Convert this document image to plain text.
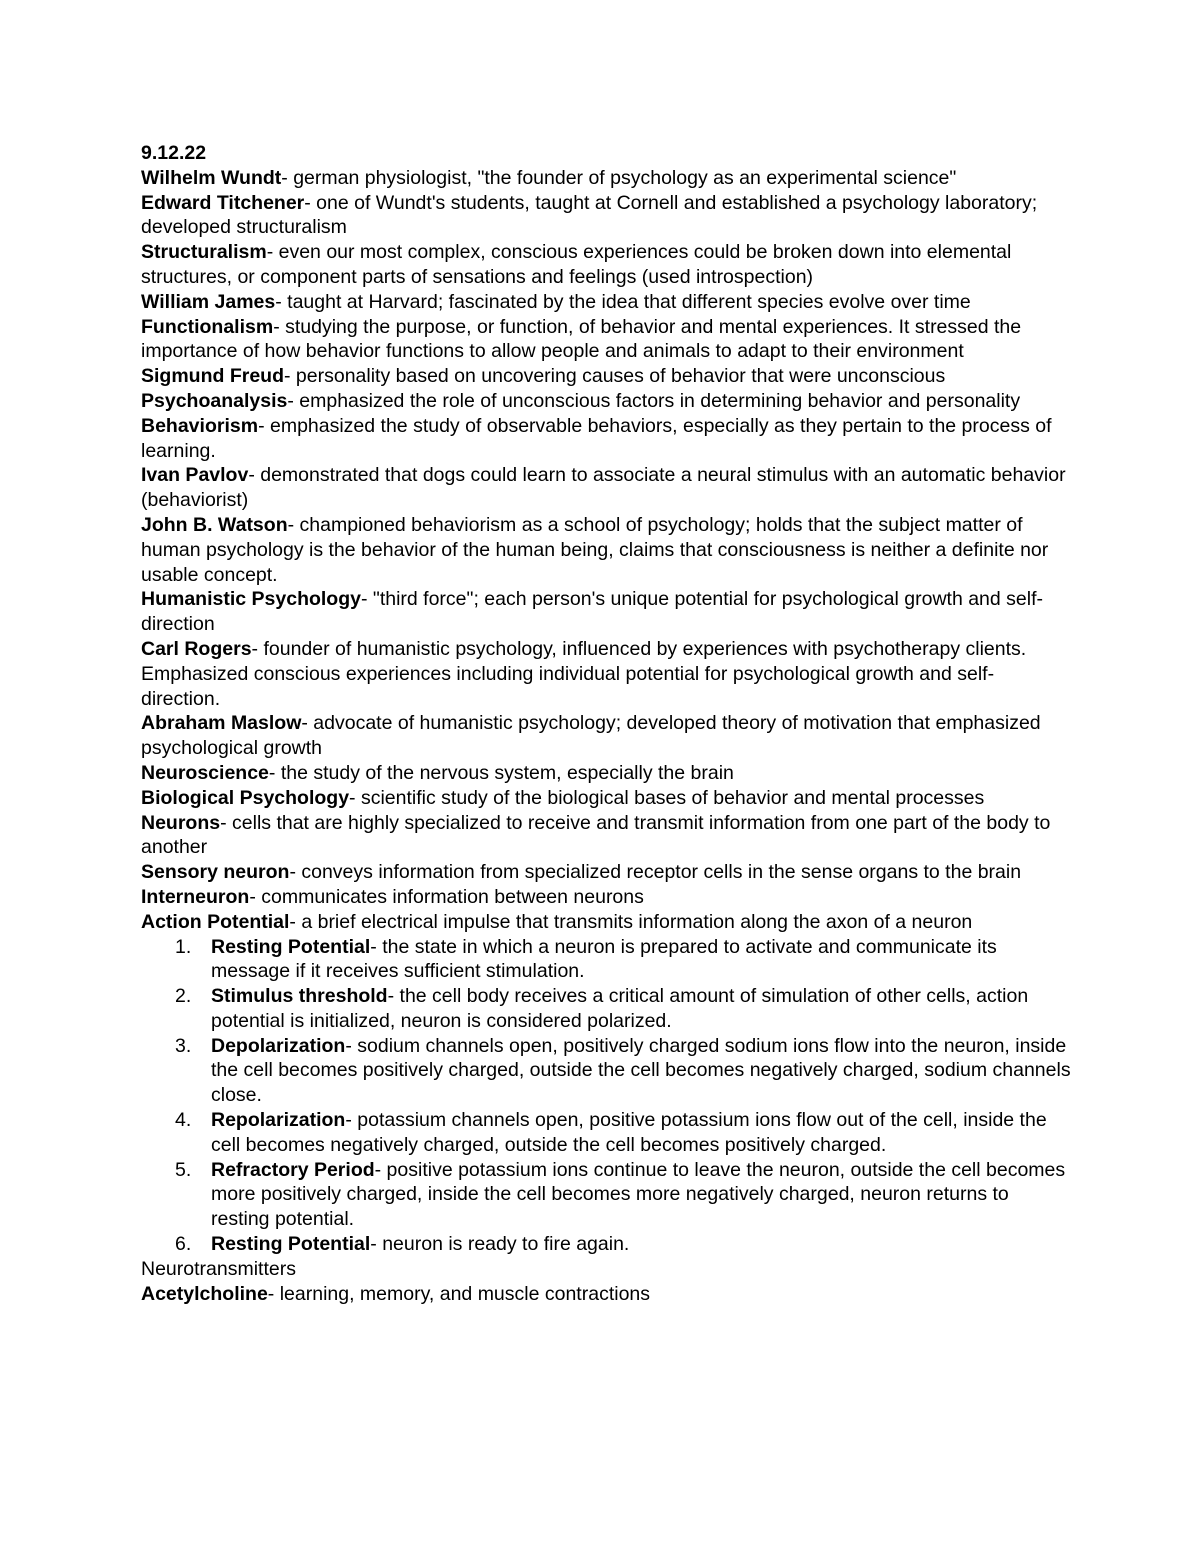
9.12.22

Wilhelm Wundt- german physiologist, "the founder of psychology as an experimental science"

Edward Titchener- one of Wundt's students, taught at Cornell and established a psychology laboratory; developed structuralism

Structuralism- even our most complex, conscious experiences could be broken down into elemental structures, or component parts of sensations and feelings (used introspection)

William James- taught at Harvard; fascinated by the idea that different species evolve over time

Functionalism- studying the purpose, or function, of behavior and mental experiences. It stressed the importance of how behavior functions to allow people and animals to adapt to their environment

Sigmund Freud- personality based on uncovering causes of behavior that were unconscious

Psychoanalysis- emphasized the role of unconscious factors in determining behavior and personality

Behaviorism- emphasized the study of observable behaviors, especially as they pertain to the process of learning.

Ivan Pavlov- demonstrated that dogs could learn to associate a neural stimulus with an automatic behavior (behaviorist)

John B. Watson- championed behaviorism as a school of psychology; holds that the subject matter of human psychology is the behavior of the human being, claims that consciousness is neither a definite nor usable concept.

Humanistic Psychology- "third force"; each person's unique potential for psychological growth and self-direction

Carl Rogers- founder of humanistic psychology, influenced by experiences with psychotherapy clients. Emphasized conscious experiences including individual potential for psychological growth and self-direction.

Abraham Maslow- advocate of humanistic psychology; developed theory of motivation that emphasized psychological growth

Neuroscience- the study of the nervous system, especially the brain

Biological Psychology- scientific study of the biological bases of behavior and mental processes

Neurons- cells that are highly specialized to receive and transmit information from one part of the body to another

Sensory neuron- conveys information from specialized receptor cells in the sense organs to the brain

Interneuron- communicates information between neurons

Action Potential- a brief electrical impulse that transmits information along the axon of a neuron

1. Resting Potential- the state in which a neuron is prepared to activate and communicate its message if it receives sufficient stimulation.
2. Stimulus threshold- the cell body receives a critical amount of simulation of other cells, action potential is initialized, neuron is considered polarized.
3. Depolarization- sodium channels open, positively charged sodium ions flow into the neuron, inside the cell becomes positively charged, outside the cell becomes negatively charged, sodium channels close.
4. Repolarization- potassium channels open, positive potassium ions flow out of the cell, inside the cell becomes negatively charged, outside the cell becomes positively charged.
5. Refractory Period- positive potassium ions continue to leave the neuron, outside the cell becomes more positively charged, inside the cell becomes more negatively charged, neuron returns to resting potential.
6. Resting Potential- neuron is ready to fire again.

Neurotransmitters

Acetylcholine- learning, memory, and muscle contractions
